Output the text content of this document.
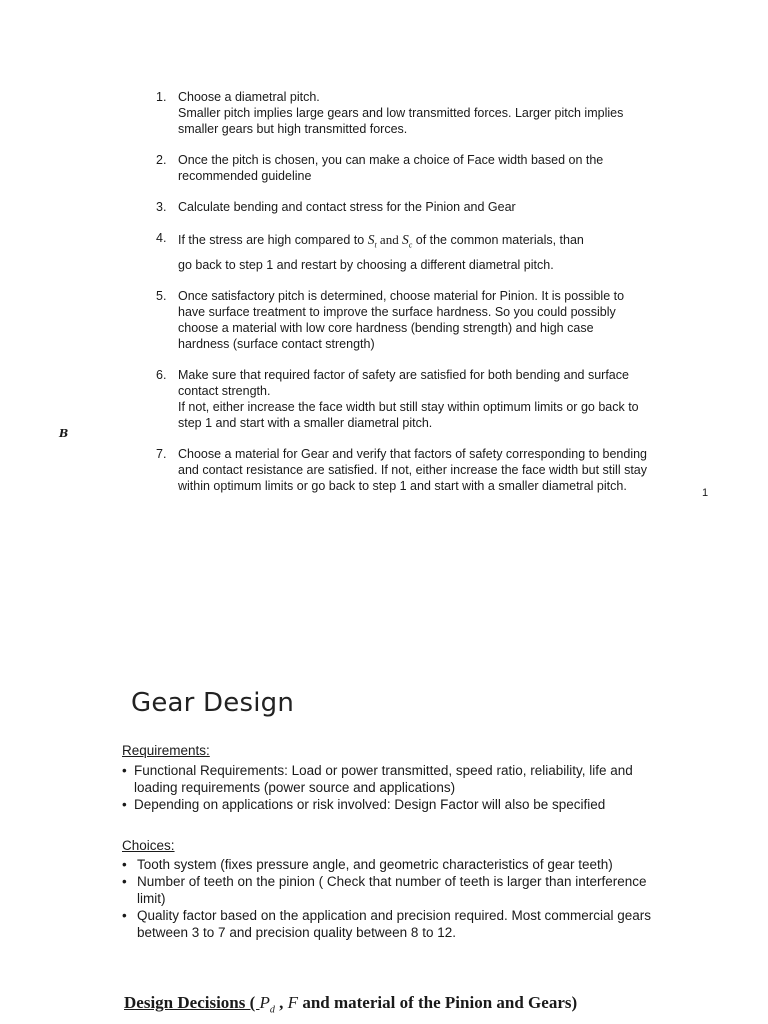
1. Choose a diametral pitch.

Smaller pitch implies large gears and low transmitted forces. Larger pitch implies smaller gears but high transmitted forces.

2. Once the pitch is chosen, you can make a choice of Face width based on the recommended guideline

3. Calculate bending and contact stress for the Pinion and Gear

4. If the stress are high compared to $S_t$ and $S_c$ of the common materials, than

go back to step 1 and restart by choosing a different diametral pitch.

5. Once satisfactory pitch is determined, choose material for Pinion. It is possible to have surface treatment to improve the surface hardness. So you could possibly choose a material with low core hardness (bending strength) and high case hardness (surface contact strength)

6. Make sure that required factor of safety are satisfied for both bending and surface contact strength.

If not, either increase the face width but still stay within optimum limits or go back to step 1 and start with a smaller diametral pitch.

7. Choose a material for Gear and verify that factors of safety corresponding to bending and contact resistance are satisfied. If not, either increase the face width but still stay within optimum limits or go back to step 1 and start with a smaller diametral pitch.

B
1
Gear Design
Requirements:
• Functional Requirements: Load or power transmitted, speed ratio, reliability, life and loading requirements (power source and applications)
• Depending on applications or risk involved: Design Factor will also be specified
Choices:
• Tooth system (fixes pressure angle, and geometric characteristics of gear teeth)
• Number of teeth on the pinion ( Check that number of teeth is larger than interference limit)
• Quality factor based on the application and precision required. Most commercial gears between 3 to 7 and precision quality between 8 to 12.
Design Decisions ( $P_d$ , F and material of the Pinion and Gears)
